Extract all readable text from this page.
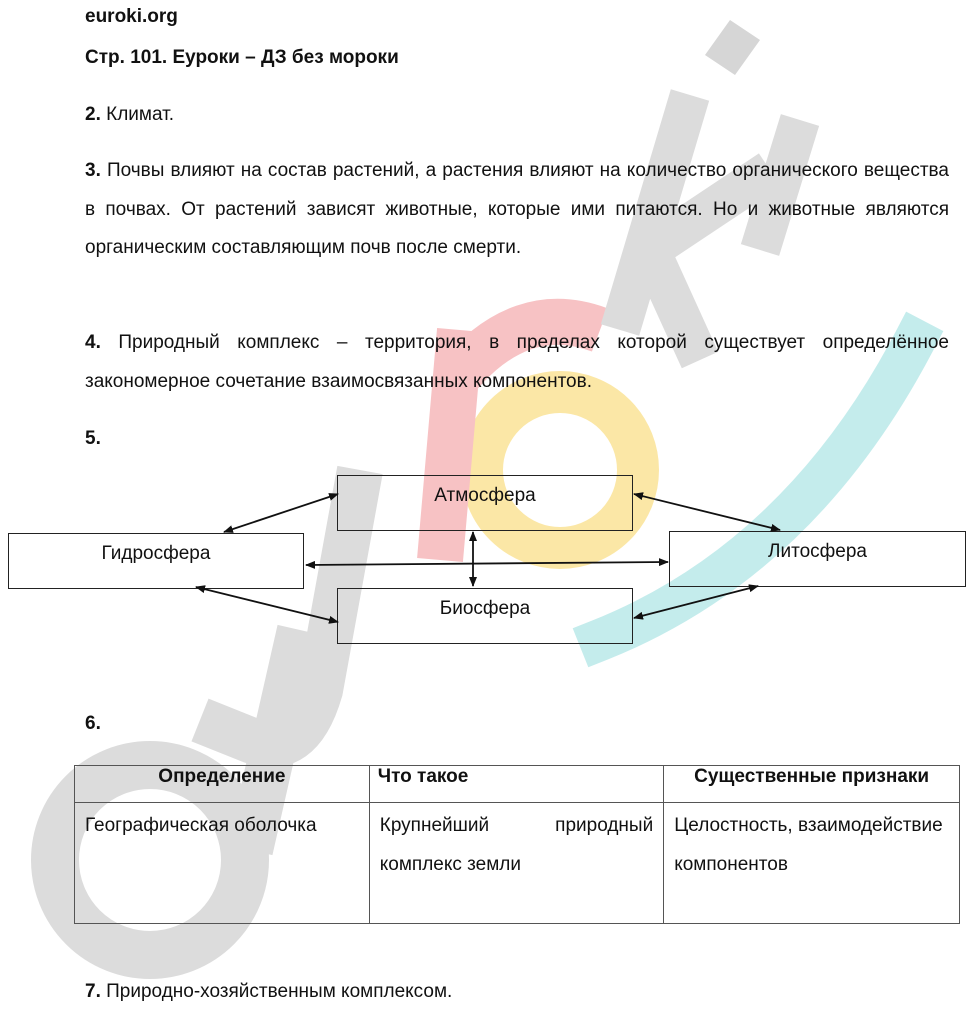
euroki.org
Стр. 101. Еуроки – ДЗ без мороки
2. Климат.
3. Почвы влияют на состав растений, а растения влияют на количество органического вещества в почвах. От растений зависят животные, которые ими питаются. Но и животные являются органическим составляющим почв после смерти.
4. Природный комплекс – территория, в пределах которой существует определённое закономерное сочетание взаимосвязанных компонентов.
5.
Атмосфера
Гидросфера	Литосфера
Биосфера
6.
Определение	Что такое	Существенные признаки
Географическая оболочка	Крупнейший природный комплекс земли	Целостность, взаимодействие компонентов
7. Природно-хозяйственным комплексом.
